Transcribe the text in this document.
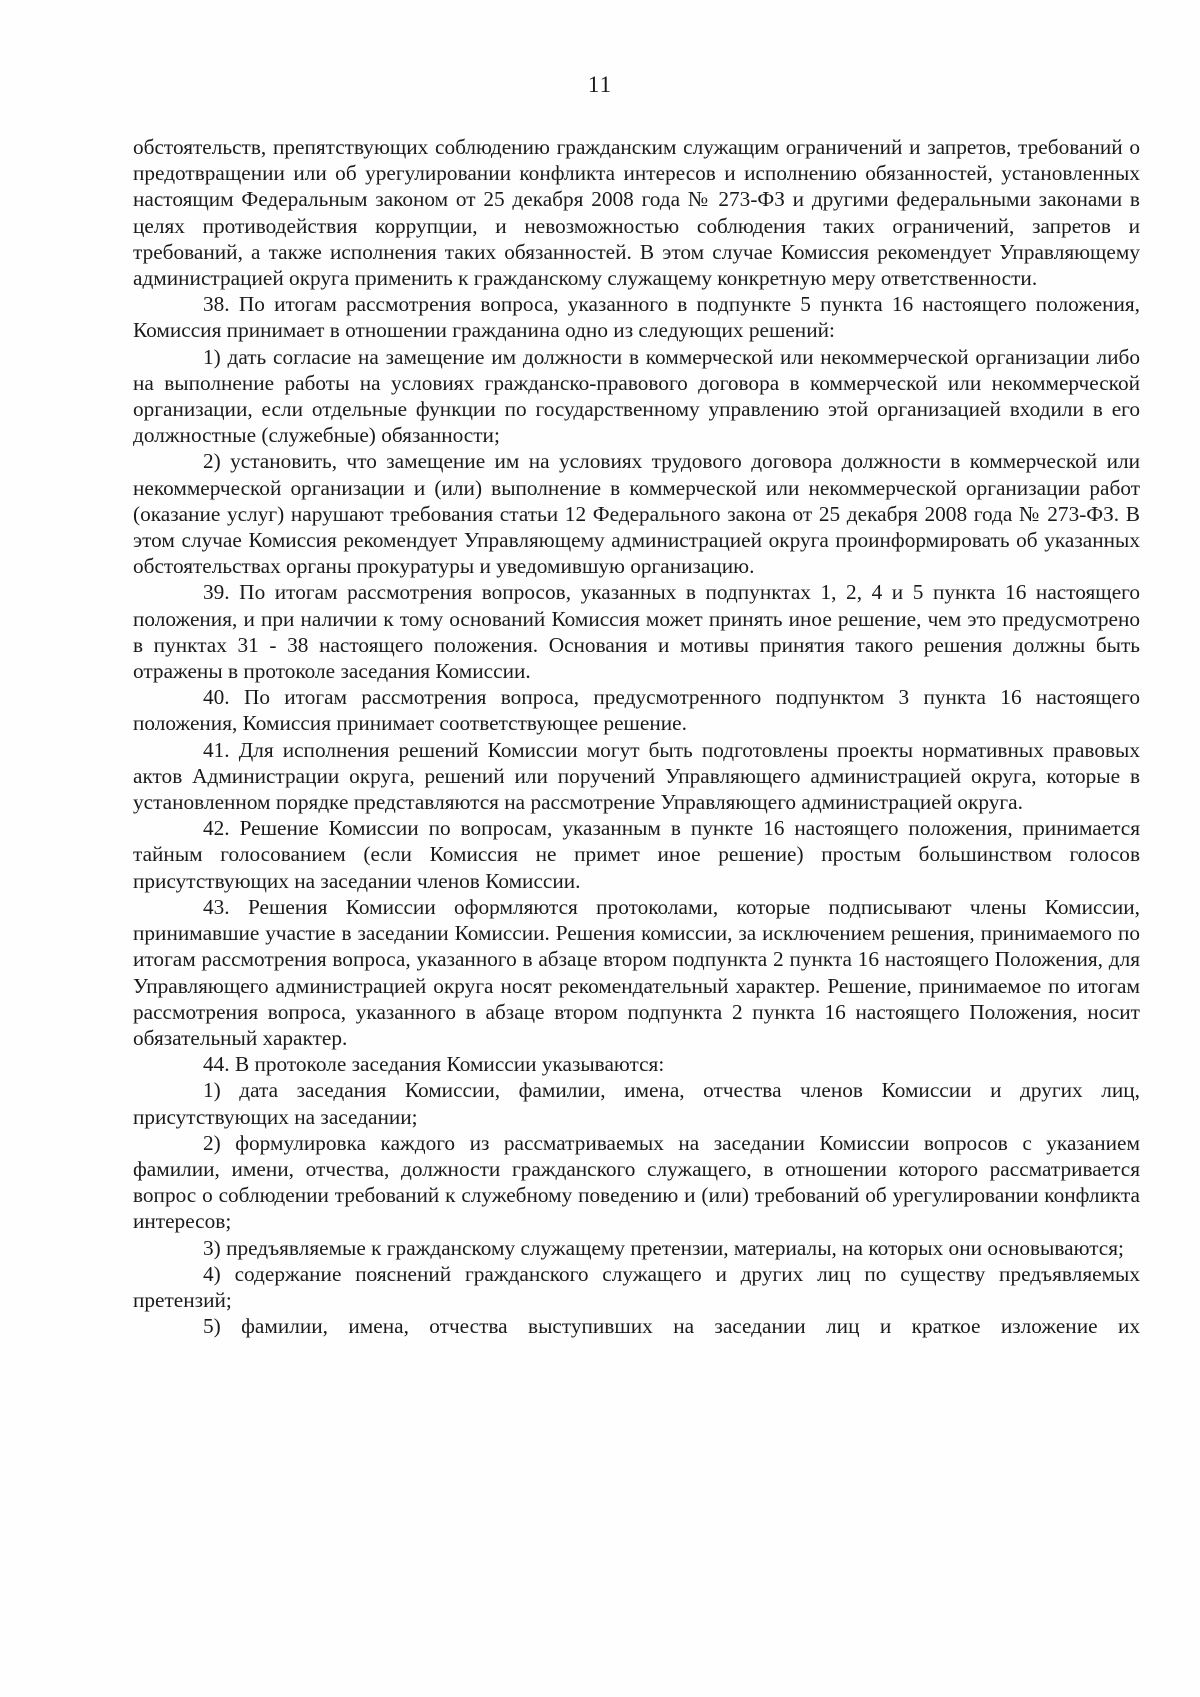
11

обстоятельств, препятствующих соблюдению гражданским служащим ограничений и запретов, требований о предотвращении или об урегулировании конфликта интересов и исполнению обязанностей, установленных настоящим Федеральным законом от 25 декабря 2008 года № 273-ФЗ и другими федеральными законами в целях противодействия коррупции, и невозможностью соблюдения таких ограничений, запретов и требований, а также исполнения таких обязанностей. В этом случае Комиссия рекомендует Управляющему администрацией округа применить к гражданскому служащему конкретную меру ответственности.

38. По итогам рассмотрения вопроса, указанного в подпункте 5 пункта 16 настоящего положения, Комиссия принимает в отношении гражданина одно из следующих решений:

1) дать согласие на замещение им должности в коммерческой или некоммерческой организации либо на выполнение работы на условиях гражданско-правового договора в коммерческой или некоммерческой организации, если отдельные функции по государственному управлению этой организацией входили в его должностные (служебные) обязанности;

2) установить, что замещение им на условиях трудового договора должности в коммерческой или некоммерческой организации и (или) выполнение в коммерческой или некоммерческой организации работ (оказание услуг) нарушают требования статьи 12 Федерального закона от 25 декабря 2008 года № 273-ФЗ. В этом случае Комиссия рекомендует Управляющему администрацией округа проинформировать об указанных обстоятельствах органы прокуратуры и уведомившую организацию.

39. По итогам рассмотрения вопросов, указанных в подпунктах 1, 2, 4 и 5 пункта 16 настоящего положения, и при наличии к тому оснований Комиссия может принять иное решение, чем это предусмотрено в пунктах 31 - 38 настоящего положения. Основания и мотивы принятия такого решения должны быть отражены в протоколе заседания Комиссии.

40. По итогам рассмотрения вопроса, предусмотренного подпунктом 3 пункта 16 настоящего положения, Комиссия принимает соответствующее решение.

41. Для исполнения решений Комиссии могут быть подготовлены проекты нормативных правовых актов Администрации округа, решений или поручений Управляющего администрацией округа, которые в установленном порядке представляются на рассмотрение Управляющего администрацией округа.

42. Решение Комиссии по вопросам, указанным в пункте 16 настоящего положения, принимается тайным голосованием (если Комиссия не примет иное решение) простым большинством голосов присутствующих на заседании членов Комиссии.

43. Решения Комиссии оформляются протоколами, которые подписывают члены Комиссии, принимавшие участие в заседании Комиссии. Решения комиссии, за исключением решения, принимаемого по итогам рассмотрения вопроса, указанного в абзаце втором подпункта 2 пункта 16 настоящего Положения, для Управляющего администрацией округа носят рекомендательный характер. Решение, принимаемое по итогам рассмотрения вопроса, указанного в абзаце втором подпункта 2 пункта 16 настоящего Положения, носит обязательный характер.

44. В протоколе заседания Комиссии указываются:

1) дата заседания Комиссии, фамилии, имена, отчества членов Комиссии и других лиц, присутствующих на заседании;

2) формулировка каждого из рассматриваемых на заседании Комиссии вопросов с указанием фамилии, имени, отчества, должности гражданского служащего, в отношении которого рассматривается вопрос о соблюдении требований к служебному поведению и (или) требований об урегулировании конфликта интересов;

3) предъявляемые к гражданскому служащему претензии, материалы, на которых они основываются;

4) содержание пояснений гражданского служащего и других лиц по существу предъявляемых претензий;

5) фамилии, имена, отчества выступивших на заседании лиц и краткое изложение их
